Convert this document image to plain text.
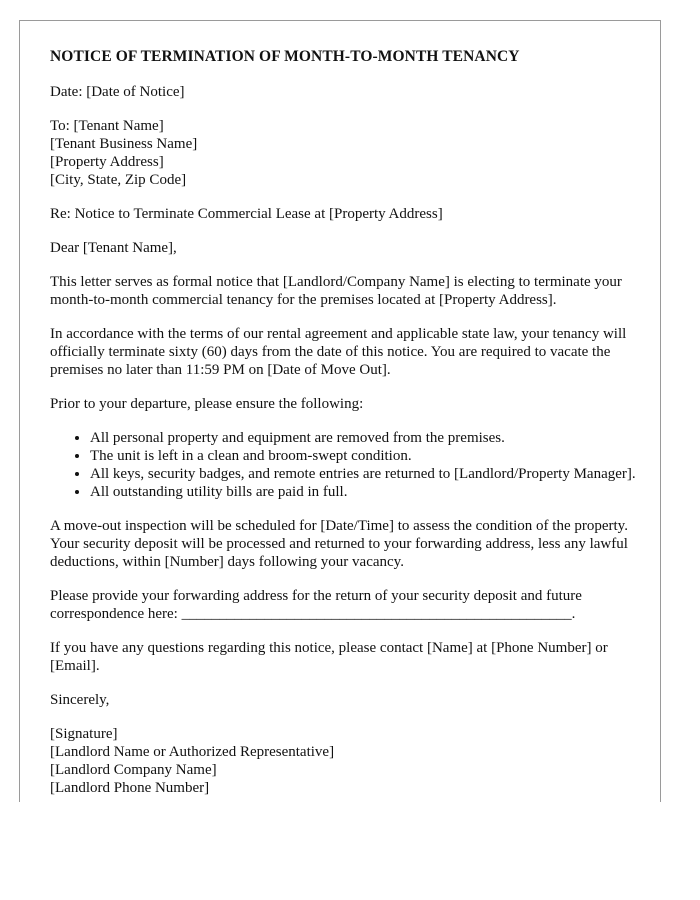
NOTICE OF TERMINATION OF MONTH-TO-MONTH TENANCY

Date: [Date of Notice]

To: [Tenant Name]
[Tenant Business Name]
[Property Address]
[City, State, Zip Code]

Re: Notice to Terminate Commercial Lease at [Property Address]

Dear [Tenant Name],

This letter serves as formal notice that [Landlord/Company Name] is electing to terminate your month-to-month commercial tenancy for the premises located at [Property Address].

In accordance with the terms of our rental agreement and applicable state law, your tenancy will officially terminate sixty (60) days from the date of this notice. You are required to vacate the premises no later than 11:59 PM on [Date of Move Out].

Prior to your departure, please ensure the following:

• All personal property and equipment are removed from the premises.
• The unit is left in a clean and broom-swept condition.
• All keys, security badges, and remote entries are returned to [Landlord/Property Manager].
• All outstanding utility bills are paid in full.

A move-out inspection will be scheduled for [Date/Time] to assess the condition of the property. Your security deposit will be processed and returned to your forwarding address, less any lawful deductions, within [Number] days following your vacancy.

Please provide your forwarding address for the return of your security deposit and future correspondence here: ____________________________________________________.

If you have any questions regarding this notice, please contact [Name] at [Phone Number] or [Email].

Sincerely,

[Signature]
[Landlord Name or Authorized Representative]
[Landlord Company Name]
[Landlord Phone Number]
